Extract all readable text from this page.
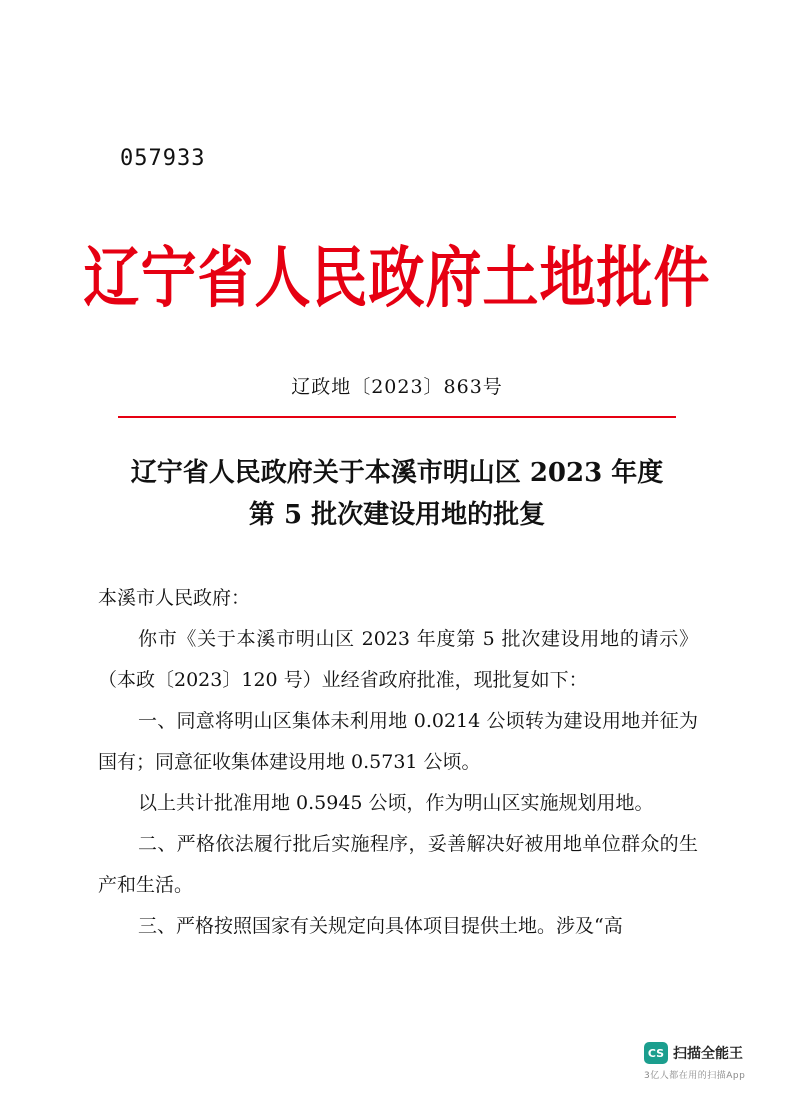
057933
辽宁省人民政府土地批件
辽政地〔2023〕863号
辽宁省人民政府关于本溪市明山区 2023 年度
第 5 批次建设用地的批复

本溪市人民政府：

你市《关于本溪市明山区 2023 年度第 5 批次建设用地的请示》（本政〔2023〕120 号）业经省政府批准，现批复如下：

一、同意将明山区集体未利用地 0.0214 公顷转为建设用地并征为国有；同意征收集体建设用地 0.5731 公顷。

以上共计批准用地 0.5945 公顷，作为明山区实施规划用地。

二、严格依法履行批后实施程序，妥善解决好被用地单位群众的生产和生活。

三、严格按照国家有关规定向具体项目提供土地。涉及“高

CS 扫描全能王
3亿人都在用的扫描App
